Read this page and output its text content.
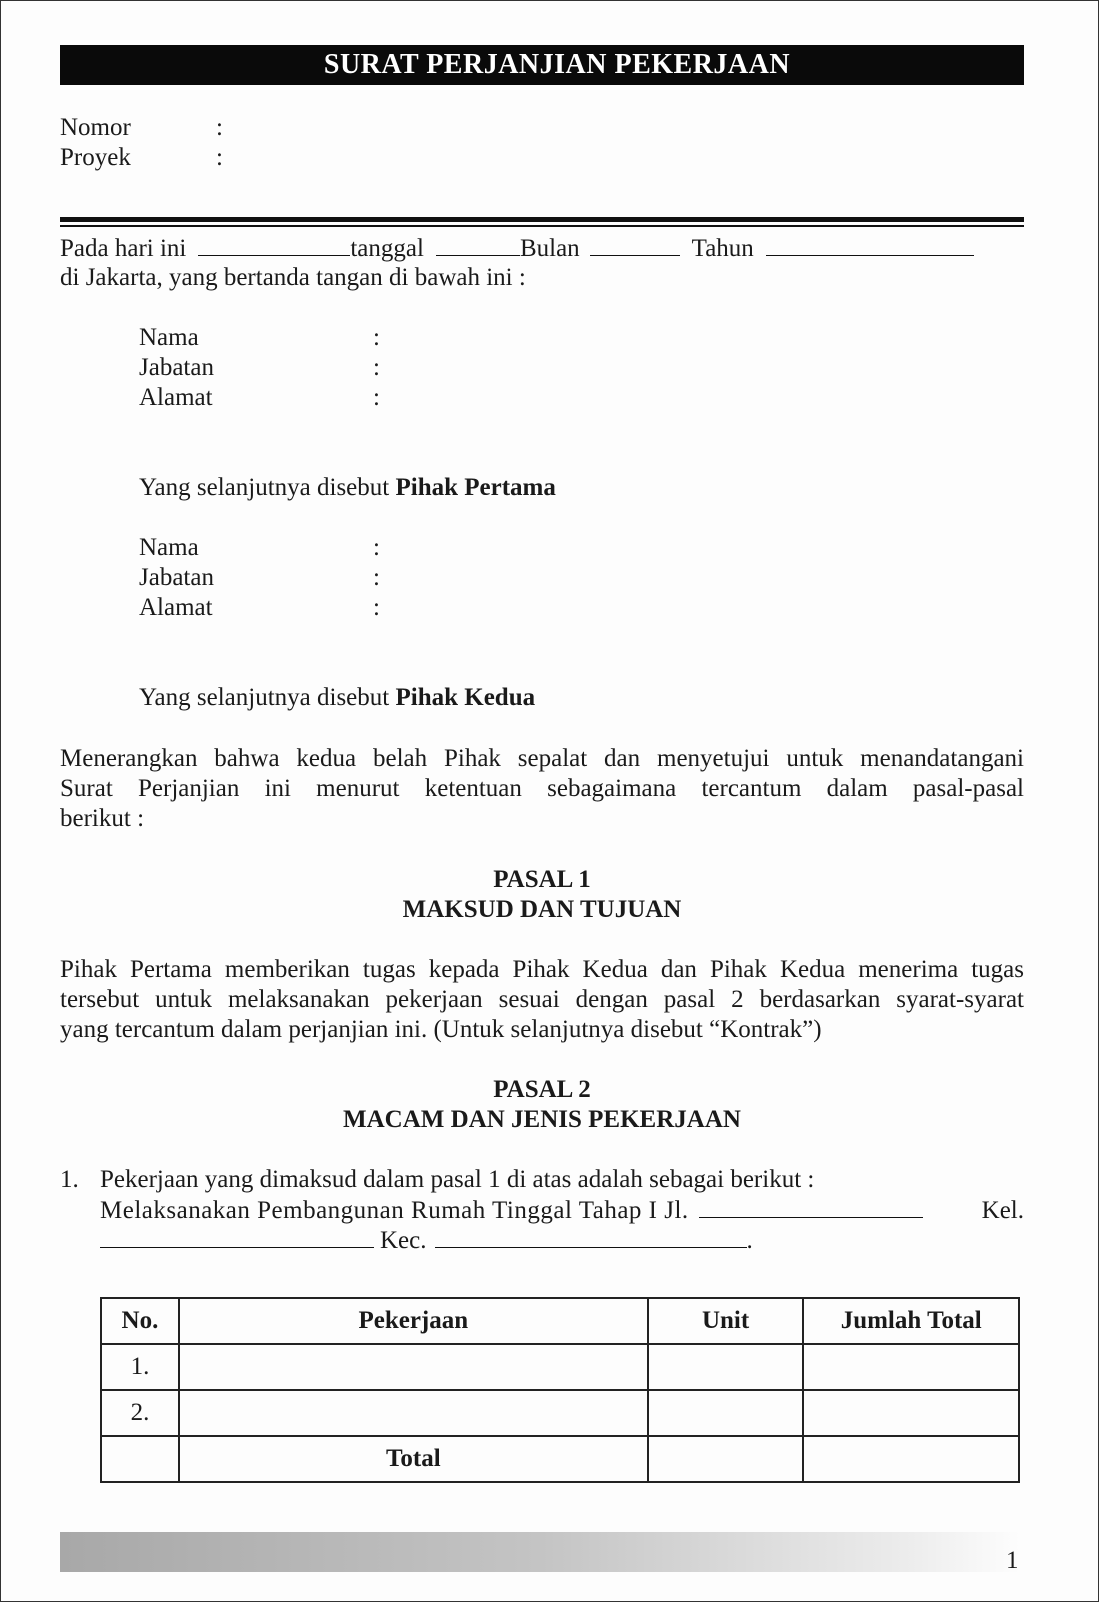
SURAT PERJANJIAN PEKERJAAN
Nomor	:
Proyek	:
Pada hari ini	tanggal	Bulan	Tahun
di Jakarta, yang bertanda tangan di bawah ini :
Nama	:
Jabatan	:
Alamat	:
Yang selanjutnya disebut Pihak Pertama
Nama	:
Jabatan	:
Alamat	:
Yang selanjutnya disebut Pihak Kedua
Menerangkan bahwa kedua belah Pihak sepalat dan menyetujui untuk menandatangani
Surat Perjanjian ini menurut ketentuan sebagaimana tercantum dalam pasal-pasal
berikut :
PASAL 1
MAKSUD DAN TUJUAN
Pihak Pertama memberikan tugas kepada Pihak Kedua dan Pihak Kedua menerima tugas
tersebut untuk melaksanakan pekerjaan sesuai dengan pasal 2 berdasarkan syarat-syarat
yang tercantum dalam perjanjian ini. (Untuk selanjutnya disebut “Kontrak”)
PASAL 2
MACAM DAN JENIS PEKERJAAN
1. Pekerjaan yang dimaksud dalam pasal 1 di atas adalah sebagai berikut :
Melaksanakan Pembangunan Rumah Tinggal Tahap I Jl.	Kel.
Kec.	.
No.	Pekerjaan	Unit	Jumlah Total
1.			
2.			
	Total		
1
